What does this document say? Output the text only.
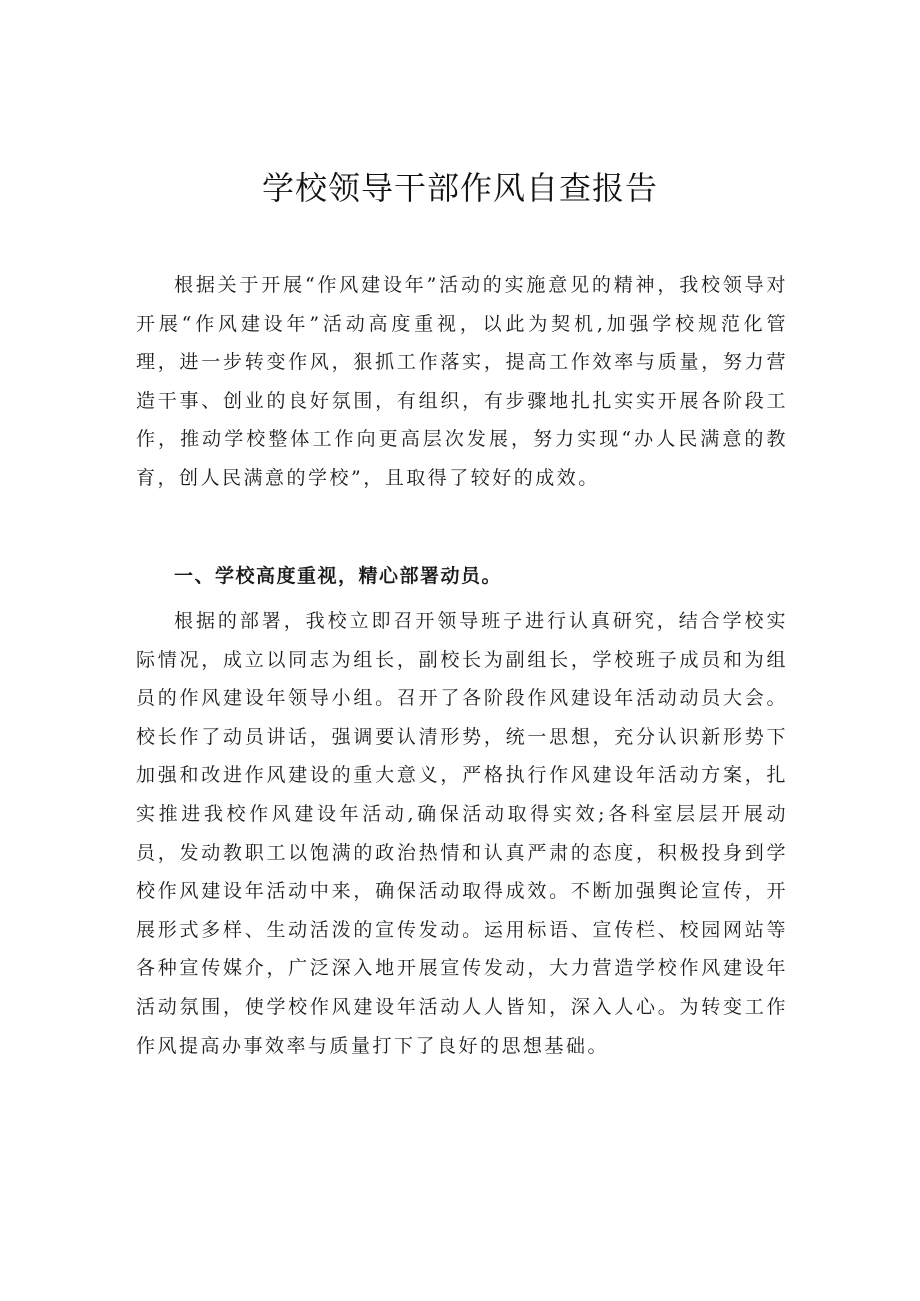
学校领导干部作风自查报告

根据关于开展“作风建设年”活动的实施意见的精神，我校领导对开展“作风建设年”活动高度重视，以此为契机,加强学校规范化管理，进一步转变作风，狠抓工作落实，提高工作效率与质量，努力营造干事、创业的良好氛围，有组织，有步骤地扎扎实实开展各阶段工作，推动学校整体工作向更高层次发展，努力实现“办人民满意的教育，创人民满意的学校”，且取得了较好的成效。

一、学校高度重视，精心部署动员。

根据的部署，我校立即召开领导班子进行认真研究，结合学校实际情况，成立以同志为组长，副校长为副组长，学校班子成员和为组员的作风建设年领导小组。召开了各阶段作风建设年活动动员大会。校长作了动员讲话，强调要认清形势，统一思想，充分认识新形势下加强和改进作风建设的重大意义，严格执行作风建设年活动方案，扎实推进我校作风建设年活动,确保活动取得实效;各科室层层开展动员，发动教职工以饱满的政治热情和认真严肃的态度，积极投身到学校作风建设年活动中来，确保活动取得成效。不断加强舆论宣传，开展形式多样、生动活泼的宣传发动。运用标语、宣传栏、校园网站等各种宣传媒介，广泛深入地开展宣传发动，大力营造学校作风建设年活动氛围，使学校作风建设年活动人人皆知，深入人心。为转变工作作风提高办事效率与质量打下了良好的思想基础。
